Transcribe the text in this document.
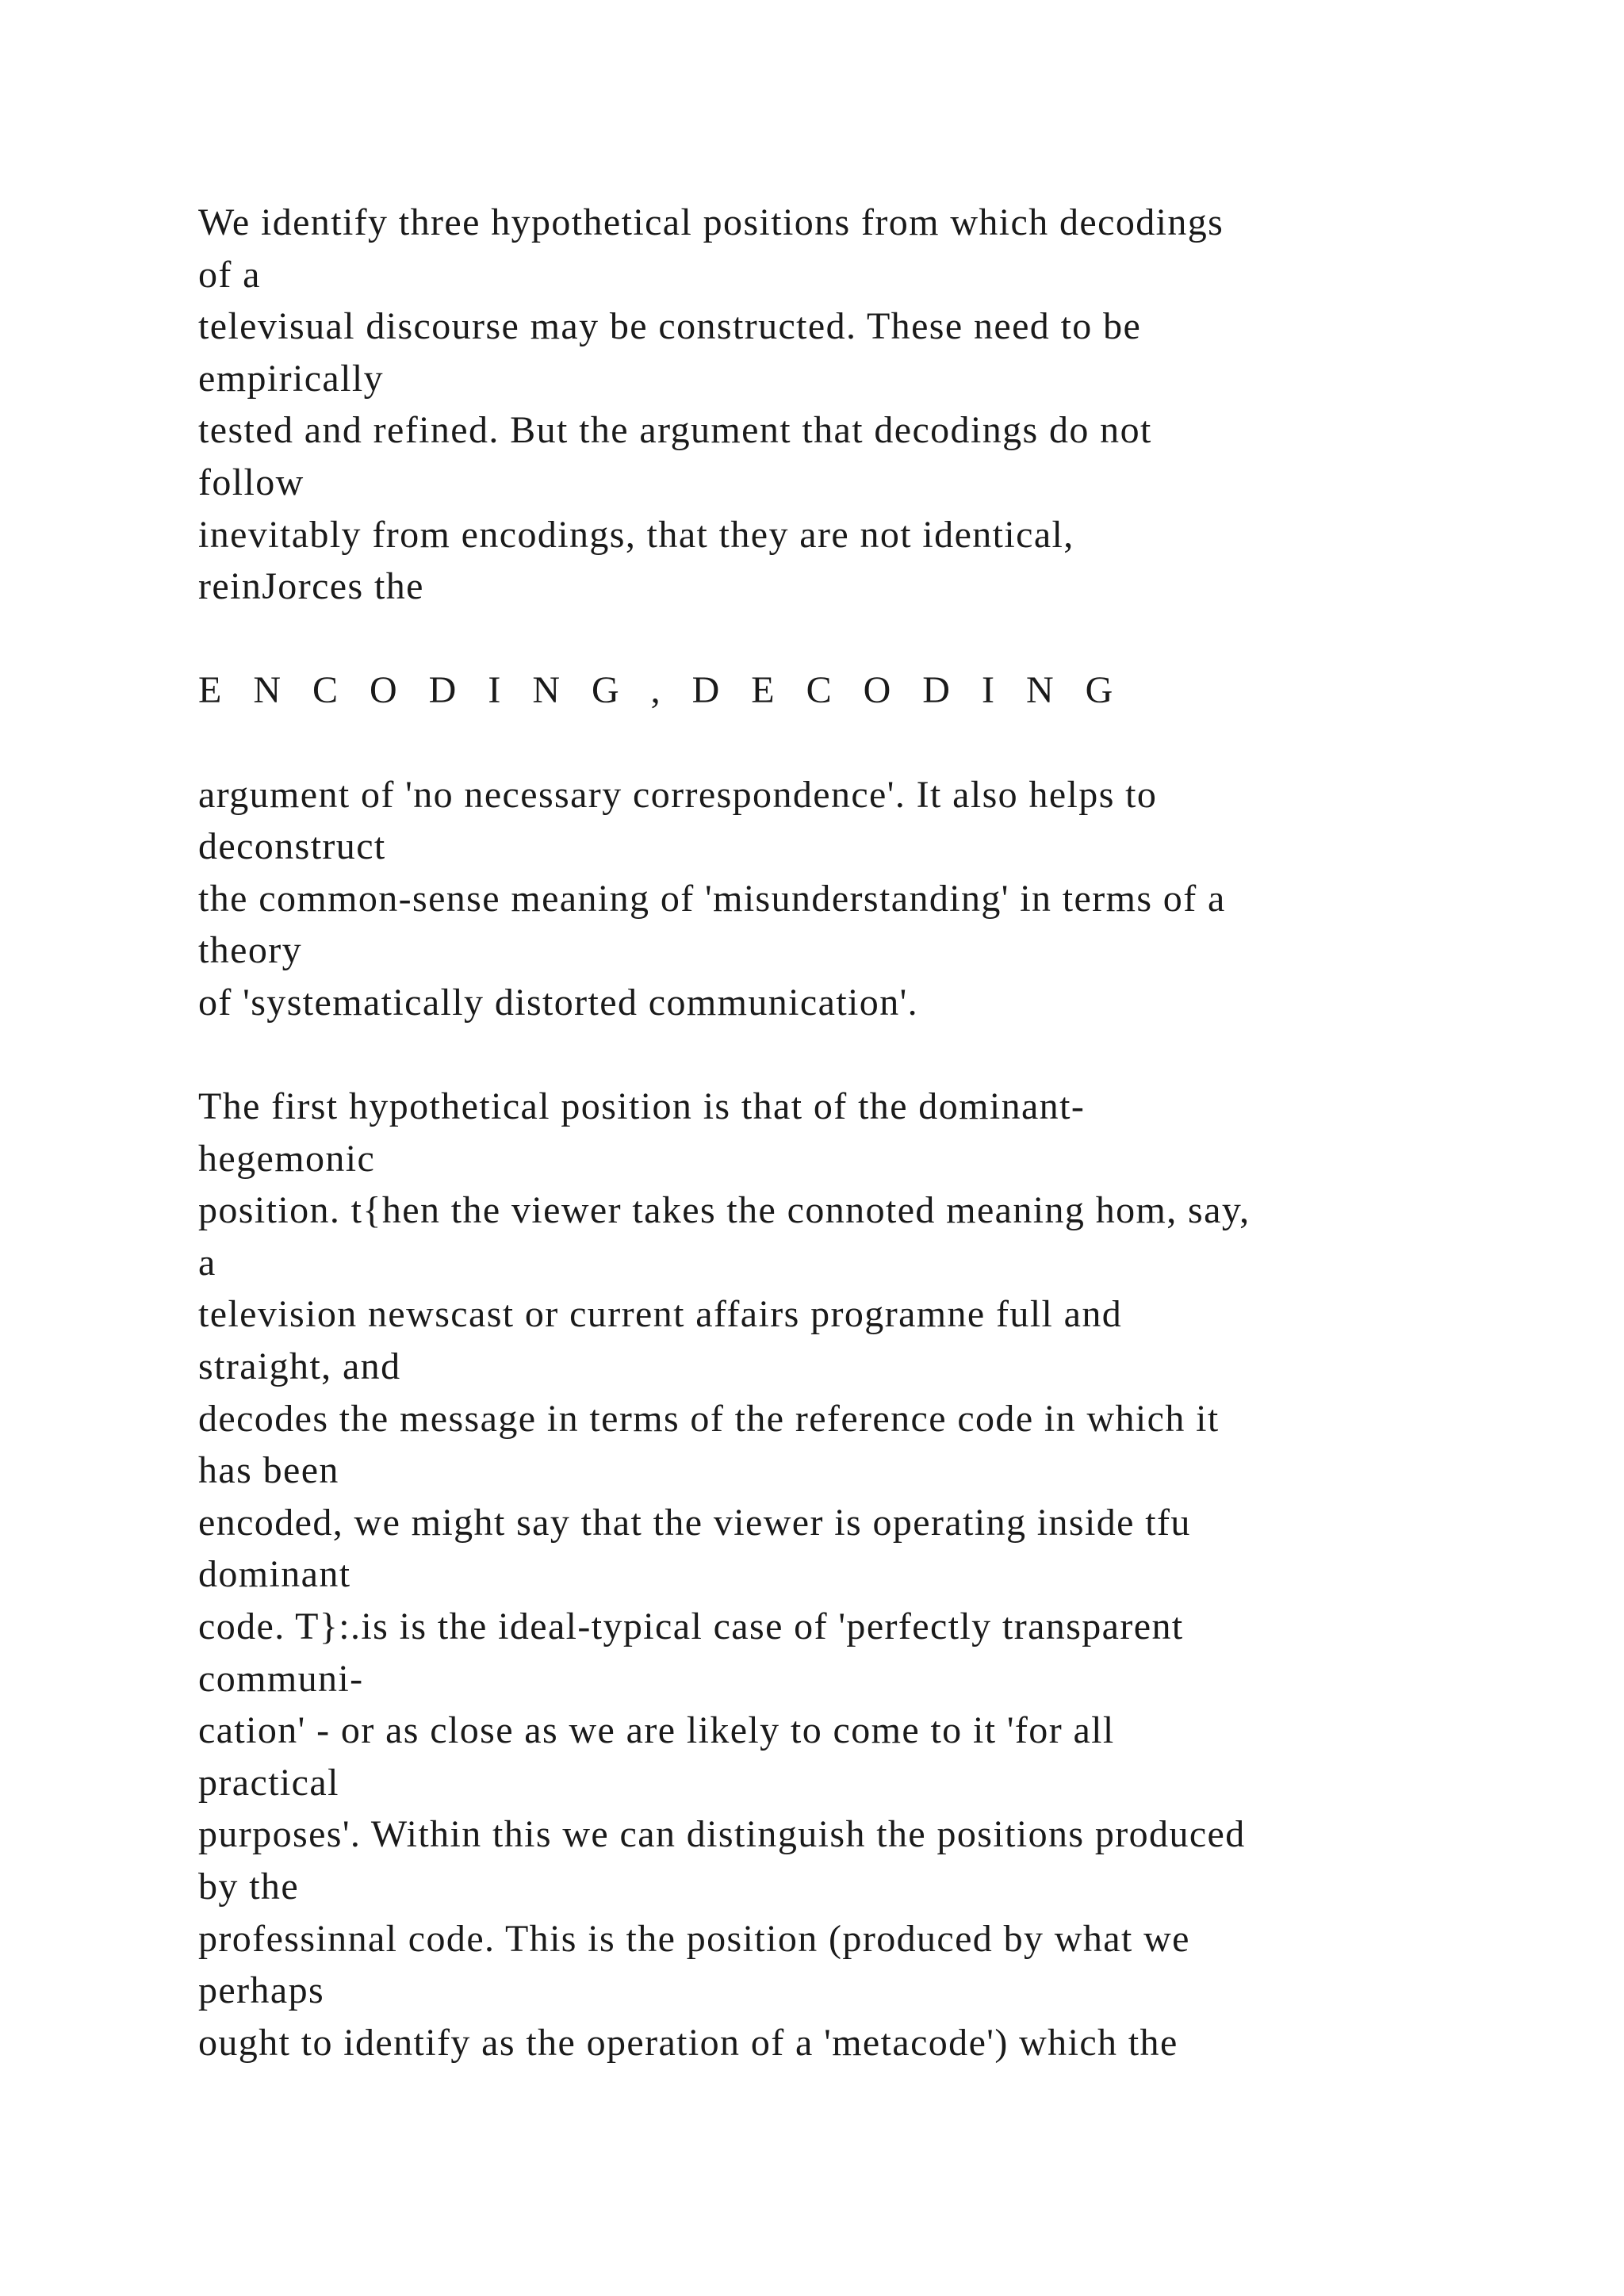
We identify three hypothetical positions from which decodings
of a
televisual discourse may be constructed. These need to be
empirically
tested and refined. But the argument that decodings do not
follow
inevitably from encodings, that they are not identical,
reinJorces the
E N C O D I N G , D E C O D I N G
argument of 'no necessary correspondence'. It also helps to
deconstruct
the common-sense meaning of 'misunderstanding' in terms of a
theory
of 'systematically distorted communication'.
The first hypothetical position is that of the dominant-
hegemonic
position. t{hen the viewer takes the connoted meaning hom, say,
a
television newscast or current affairs programne full and
straight, and
decodes the message in terms of the reference code in which it
has been
encoded, we might say that the viewer is operating inside tfu
dominant
code. T}:.is is the ideal-typical case of 'perfectly transparent
communi-
cation' - or as close as we are likely to come to it 'for all
practical
purposes'. Within this we can distinguish the positions produced
by the
professinnal code. This is the position (produced by what we
perhaps
ought to identify as the operation of a 'metacode') which the
